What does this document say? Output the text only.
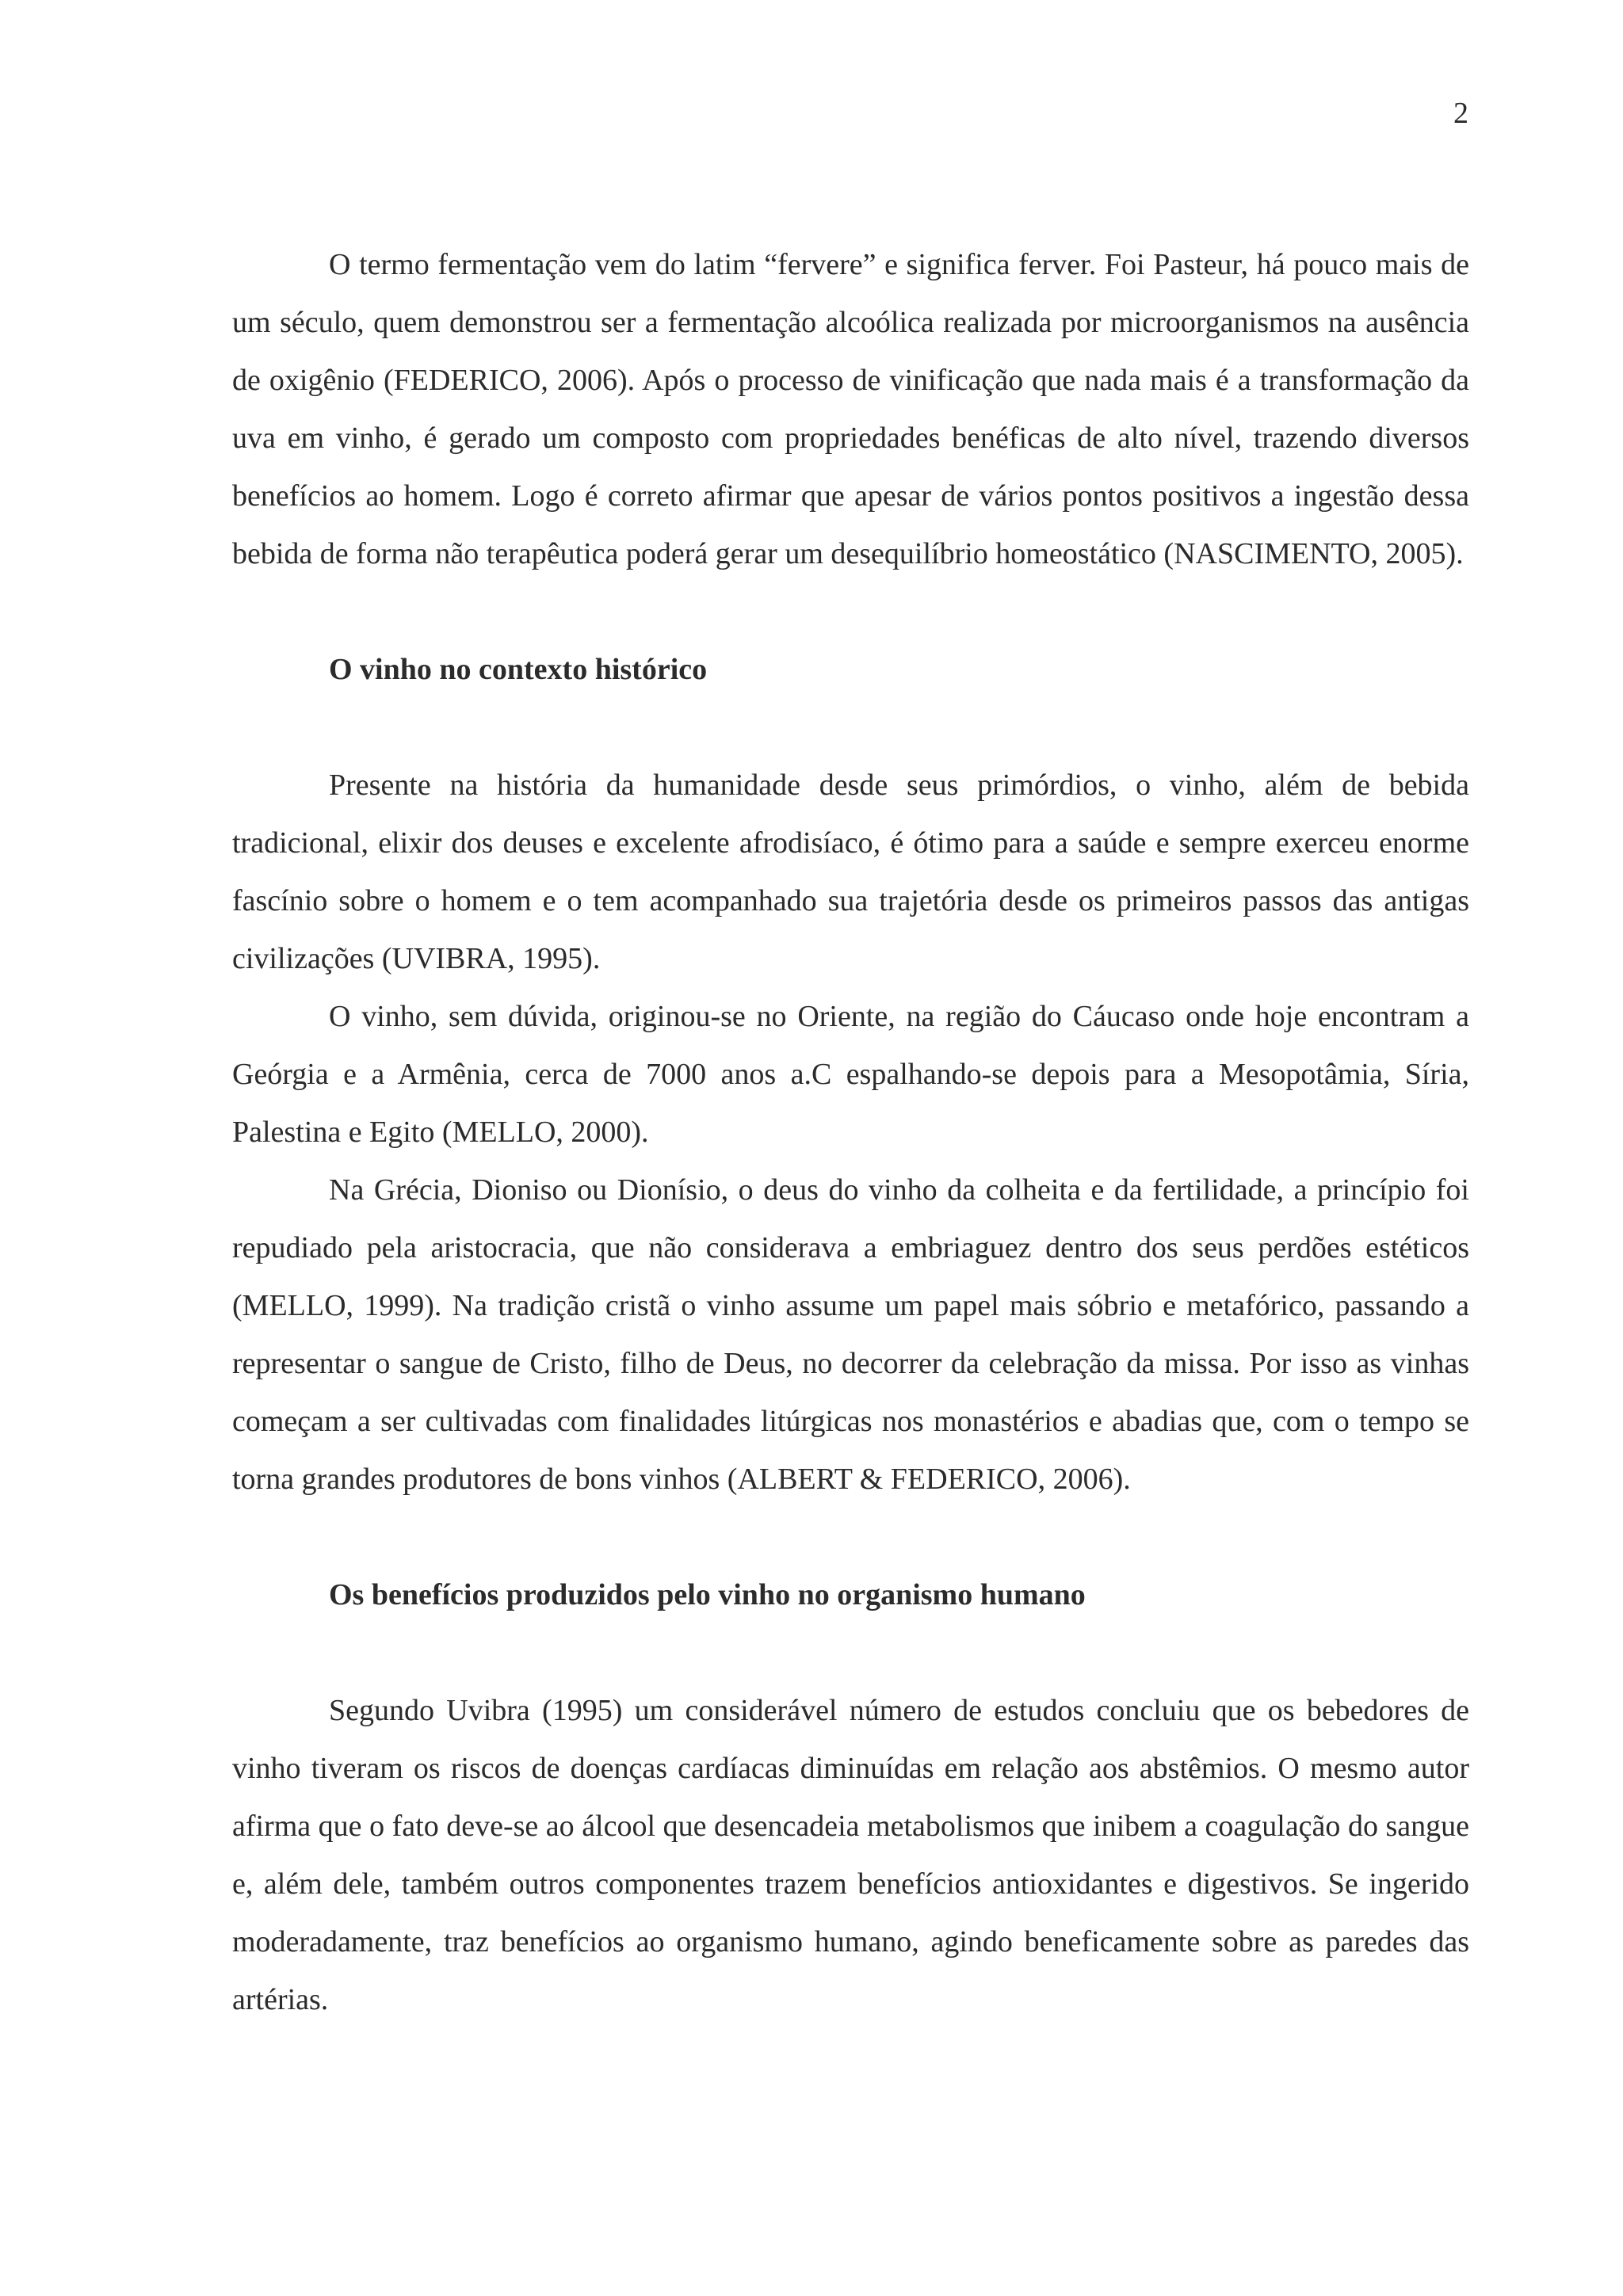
2

O termo fermentação vem do latim “fervere” e significa ferver. Foi Pasteur, há pouco mais de um século, quem demonstrou ser a fermentação alcoólica realizada por microorganismos na ausência de oxigênio (FEDERICO, 2006). Após o processo de vinificação que nada mais é a transformação da uva em vinho, é gerado um composto com propriedades benéficas de alto nível, trazendo diversos benefícios ao homem. Logo é correto afirmar que apesar de vários pontos positivos a ingestão dessa bebida de forma não terapêutica poderá gerar um desequilíbrio homeostático (NASCIMENTO, 2005).

O vinho no contexto histórico

Presente na história da humanidade desde seus primórdios, o vinho, além de bebida tradicional, elixir dos deuses e excelente afrodisíaco, é ótimo para a saúde e sempre exerceu enorme fascínio sobre o homem e o tem acompanhado sua trajetória desde os primeiros passos das antigas civilizações (UVIBRA, 1995).

O vinho, sem dúvida, originou-se no Oriente, na região do Cáucaso onde hoje encontram a Geórgia e a Armênia, cerca de 7000 anos a.C espalhando-se depois para a Mesopotâmia, Síria, Palestina e Egito (MELLO, 2000).

Na Grécia, Dioniso ou Dionísio, o deus do vinho da colheita e da fertilidade, a princípio foi repudiado pela aristocracia, que não considerava a embriaguez dentro dos seus perdões estéticos (MELLO, 1999). Na tradição cristã o vinho assume um papel mais sóbrio e metafórico, passando a representar o sangue de Cristo, filho de Deus, no decorrer da celebração da missa. Por isso as vinhas começam a ser cultivadas com finalidades litúrgicas nos monastérios e abadias que, com o tempo se torna grandes produtores de bons vinhos (ALBERT & FEDERICO, 2006).

Os benefícios produzidos pelo vinho no organismo humano

Segundo Uvibra (1995) um considerável número de estudos concluiu que os bebedores de vinho tiveram os riscos de doenças cardíacas diminuídas em relação aos abstêmios. O mesmo autor afirma que o fato deve-se ao álcool que desencadeia metabolismos que inibem a coagulação do sangue e, além dele, também outros componentes trazem benefícios antioxidantes e digestivos. Se ingerido moderadamente, traz benefícios ao organismo humano, agindo beneficamente sobre as paredes das artérias.
